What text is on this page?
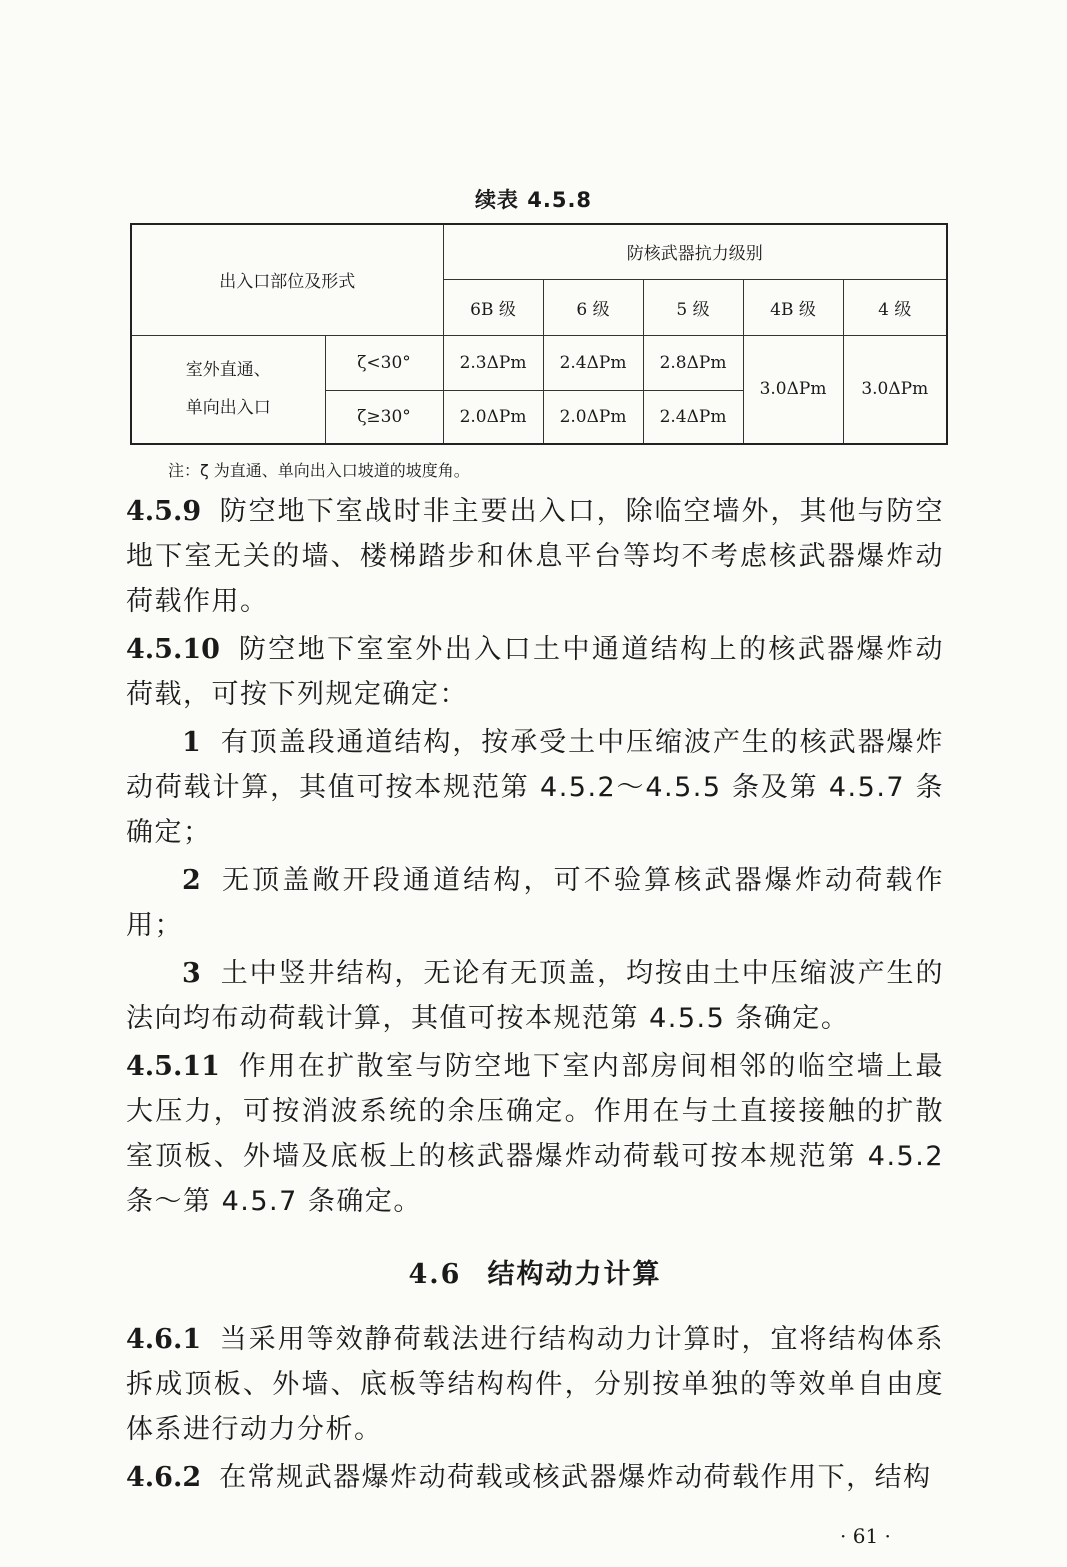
续表 4.5.8
出入口部位及形式		防核武器抗力级别				
		6B 级	6 级	5 级	4B 级	4 级

室外直通、
单向出入口	ζ<30°	2.3ΔPm	2.4ΔPm	2.8ΔPm	3.0ΔPm	3.0ΔPm
	ζ≥30°	2.0ΔPm	2.0ΔPm	2.4ΔPm		
注：ζ 为直通、单向出入口坡道的坡度角。

4.5.9 防空地下室战时非主要出入口，除临空墙外，其他与防空地下室无关的墙、楼梯踏步和休息平台等均不考虑核武器爆炸动荷载作用。

4.5.10 防空地下室室外出入口土中通道结构上的核武器爆炸动荷载，可按下列规定确定：

1 有顶盖段通道结构，按承受土中压缩波产生的核武器爆炸动荷载计算，其值可按本规范第 4.5.2～4.5.5 条及第 4.5.7 条确定；

2 无顶盖敞开段通道结构，可不验算核武器爆炸动荷载作用；

3 土中竖井结构，无论有无顶盖，均按由土中压缩波产生的法向均布动荷载计算，其值可按本规范第 4.5.5 条确定。

4.5.11 作用在扩散室与防空地下室内部房间相邻的临空墙上最大压力，可按消波系统的余压确定。作用在与土直接接触的扩散室顶板、外墙及底板上的核武器爆炸动荷载可按本规范第 4.5.2 条～第 4.5.7 条确定。

4.6 结构动力计算

4.6.1 当采用等效静荷载法进行结构动力计算时，宜将结构体系拆成顶板、外墙、底板等结构构件，分别按单独的等效单自由度体系进行动力分析。

4.6.2 在常规武器爆炸动荷载或核武器爆炸动荷载作用下，结构

· 61 ·
